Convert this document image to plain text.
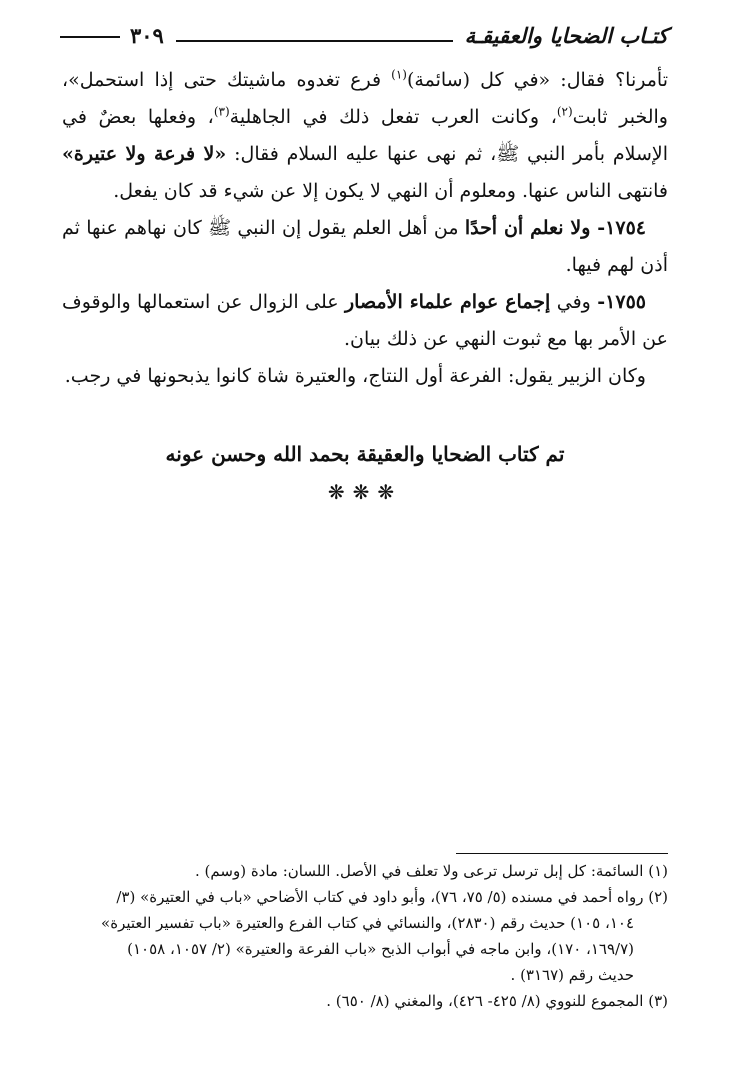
كتـاب الضحايا والعقيقـة
٣٠٩

تأمرنا؟ فقال: «في كل (سائمة)$^{(١)}$ فرع تغدوه ماشيتك حتى إذا استحمل»، والخبر ثابت$^{(٢)}$، وكانت العرب تفعل ذلك في الجاهلية$^{(٣)}$، وفعلها بعضٌ في الإسلام بأمر النبي ﷺ، ثم نهى عنها عليه السلام فقال: «لا فرعة ولا عتيرة» فانتهى الناس عنها. ومعلوم أن النهي لا يكون إلا عن شيء قد كان يفعل.

١٧٥٤- ولا نعلم أن أحدًا من أهل العلم يقول إن النبي ﷺ كان نهاهم عنها ثم أذن لهم فيها.

١٧٥٥- وفي إجماع عوام علماء الأمصار على الزوال عن استعمالها والوقوف عن الأمر بها مع ثبوت النهي عن ذلك بيان.

وكان الزبير يقول: الفرعة أول النتاج، والعتيرة شاة كانوا يذبحونها في رجب.

تم كتاب الضحايا والعقيقة بحمد الله وحسن عونه
❋❋❋

(١) السائمة: كل إبل ترسل ترعى ولا تعلف في الأصل. اللسان: مادة (وسم) .

(٢) رواه أحمد في مسنده (٥/ ٧٥، ٧٦)، وأبو داود في كتاب الأضاحي «باب في العتيرة» (٣/

١٠٤، ١٠٥) حديث رقم (٢٨٣٠)، والنسائي في كتاب الفرع والعتيرة «باب تفسير العتيرة»

(١٦٩/٧، ١٧٠)، وابن ماجه في أبواب الذبح «باب الفرعة والعتيرة» (٢/ ١٠٥٧، ١٠٥٨)

حديث رقم (٣١٦٧) .

(٣) المجموع للنووي (٨/ ٤٢٥- ٤٢٦)، والمغني (٨/ ٦٥٠) .
